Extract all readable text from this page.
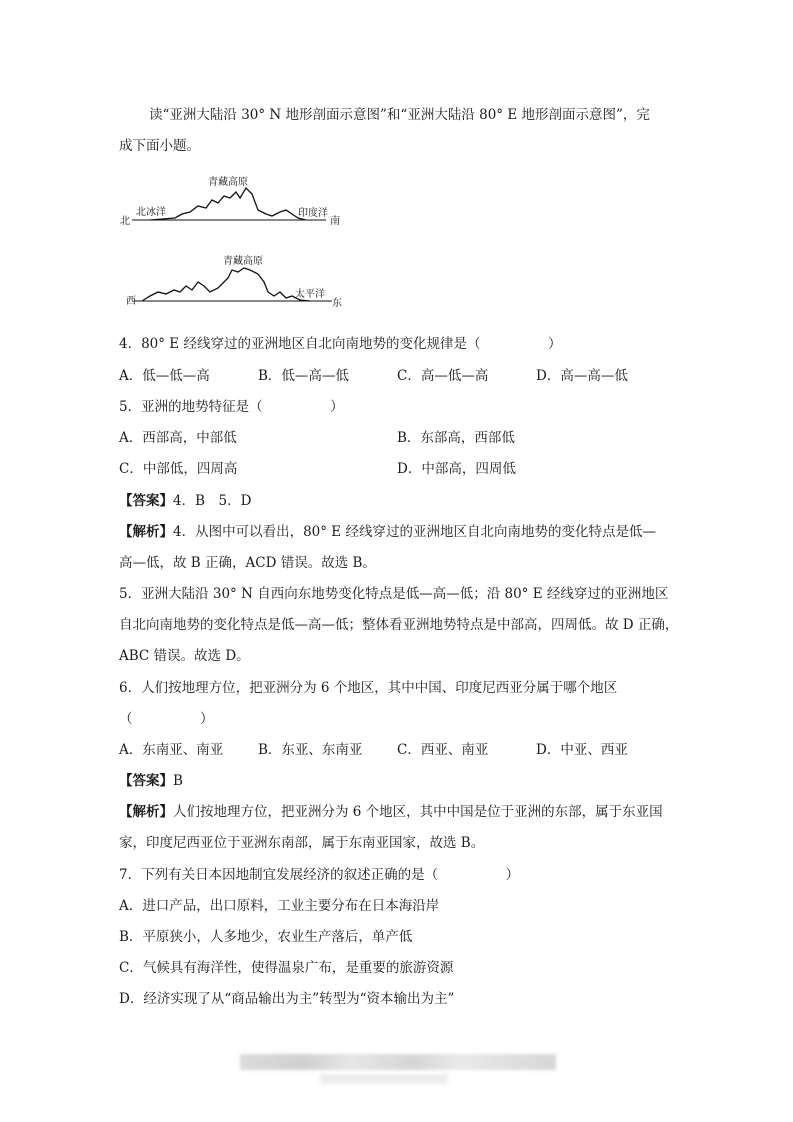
读“亚洲大陆沿 30° N 地形剖面示意图”和“亚洲大陆沿 80° E 地形剖面示意图”，完
成下面小题。
北
北冰洋
青藏高原
印度洋
南
西
青藏高原
太平洋
东
4．80° E 经线穿过的亚洲地区自北向南地势的变化规律是（　　　　　）
A．低—低—高	B．低—高—低	C．高—低—高	D．高—高—低
5．亚洲的地势特征是（　　　　　）
A．西部高，中部低	B．东部高，西部低
C．中部低，四周高	D．中部高，四周低
【答案】4．B　5．D
【解析】4．从图中可以看出，80° E 经线穿过的亚洲地区自北向南地势的变化特点是低—
高—低，故 B 正确，ACD 错误。故选 B。
5．亚洲大陆沿 30° N 自西向东地势变化特点是低—高—低；沿 80° E 经线穿过的亚洲地区
自北向南地势的变化特点是低—高—低；整体看亚洲地势特点是中部高，四周低。故 D 正确，
ABC 错误。故选 D。
6．人们按地理方位，把亚洲分为 6 个地区，其中中国、印度尼西亚分属于哪个地区
（　　　　　）
A．东南亚、南亚	B．东亚、东南亚	C．西亚、南亚	D．中亚、西亚
【答案】B
【解析】人们按地理方位，把亚洲分为 6 个地区，其中中国是位于亚洲的东部，属于东亚国
家，印度尼西亚位于亚洲东南部，属于东南亚国家，故选 B。
7．下列有关日本因地制宜发展经济的叙述正确的是（　　　　　）
A．进口产品，出口原料，工业主要分布在日本海沿岸
B．平原狭小，人多地少，农业生产落后，单产低
C．气候具有海洋性，使得温泉广布，是重要的旅游资源
D．经济实现了从“商品输出为主”转型为“资本输出为主”
